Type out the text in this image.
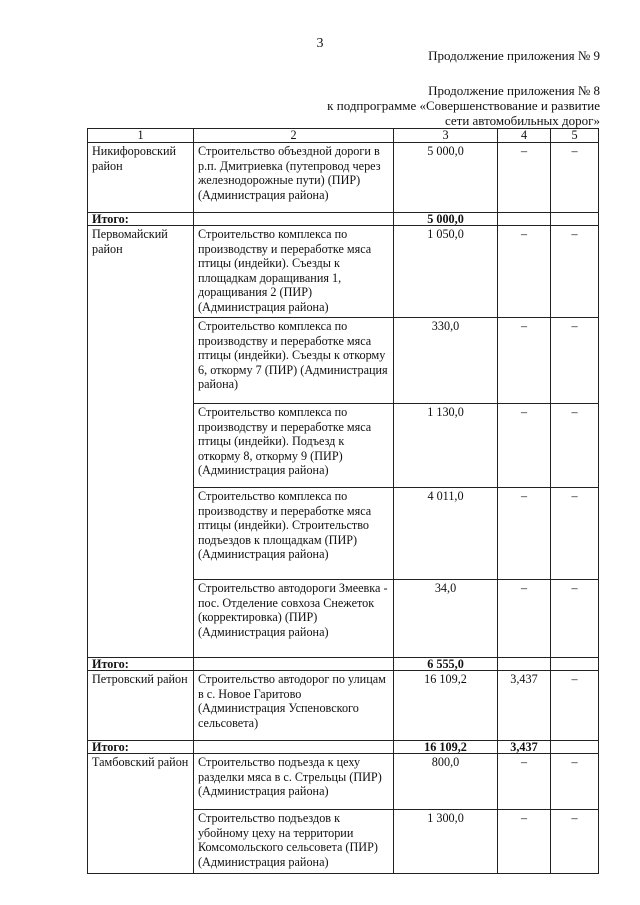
3
Продолжение приложения № 9
Продолжение приложения № 8
к подпрограмме «Совершенствование и развитие
сети автомобильных дорог»
1	2	3	4	5
Никифоровский район	Строительство объездной дороги в р.п. Дмитриевка (путепровод через железнодорожные пути) (ПИР) (Администрация района)	5 000,0	–	–
Итого:		5 000,0		
Первомайский район	Строительство комплекса по производству и переработке мяса птицы (индейки). Съезды к площадкам доращивания 1, доращивания 2 (ПИР) (Администрация района)	1 050,0	–	–
	Строительство комплекса по производству и переработке мяса птицы (индейки). Съезды к откорму 6, откорму 7 (ПИР) (Администрация района)	330,0	–	–
	Строительство комплекса по производству и переработке мяса птицы (индейки). Подъезд к откорму 8, откорму 9 (ПИР) (Администрация района)	1 130,0	–	–
	Строительство комплекса по производству и переработке мяса птицы (индейки). Строительство подъездов к площадкам (ПИР) (Администрация района)	4 011,0	–	–
	Строительство автодороги Змеевка - пос. Отделение совхоза Снежеток (корректировка) (ПИР) (Администрация района)	34,0	–	–
Итого:		6 555,0		
Петровский район	Строительство автодорог по улицам в с. Новое Гаритово (Администрация Успеновского сельсовета)	16 109,2	3,437	–
Итого:		16 109,2	3,437	
Тамбовский район	Строительство подъезда к цеху разделки мяса в с. Стрельцы (ПИР) (Администрация района)	800,0	–	–
	Строительство подъездов к убойному цеху на территории Комсомольского сельсовета (ПИР) (Администрация района)	1 300,0	–	–
